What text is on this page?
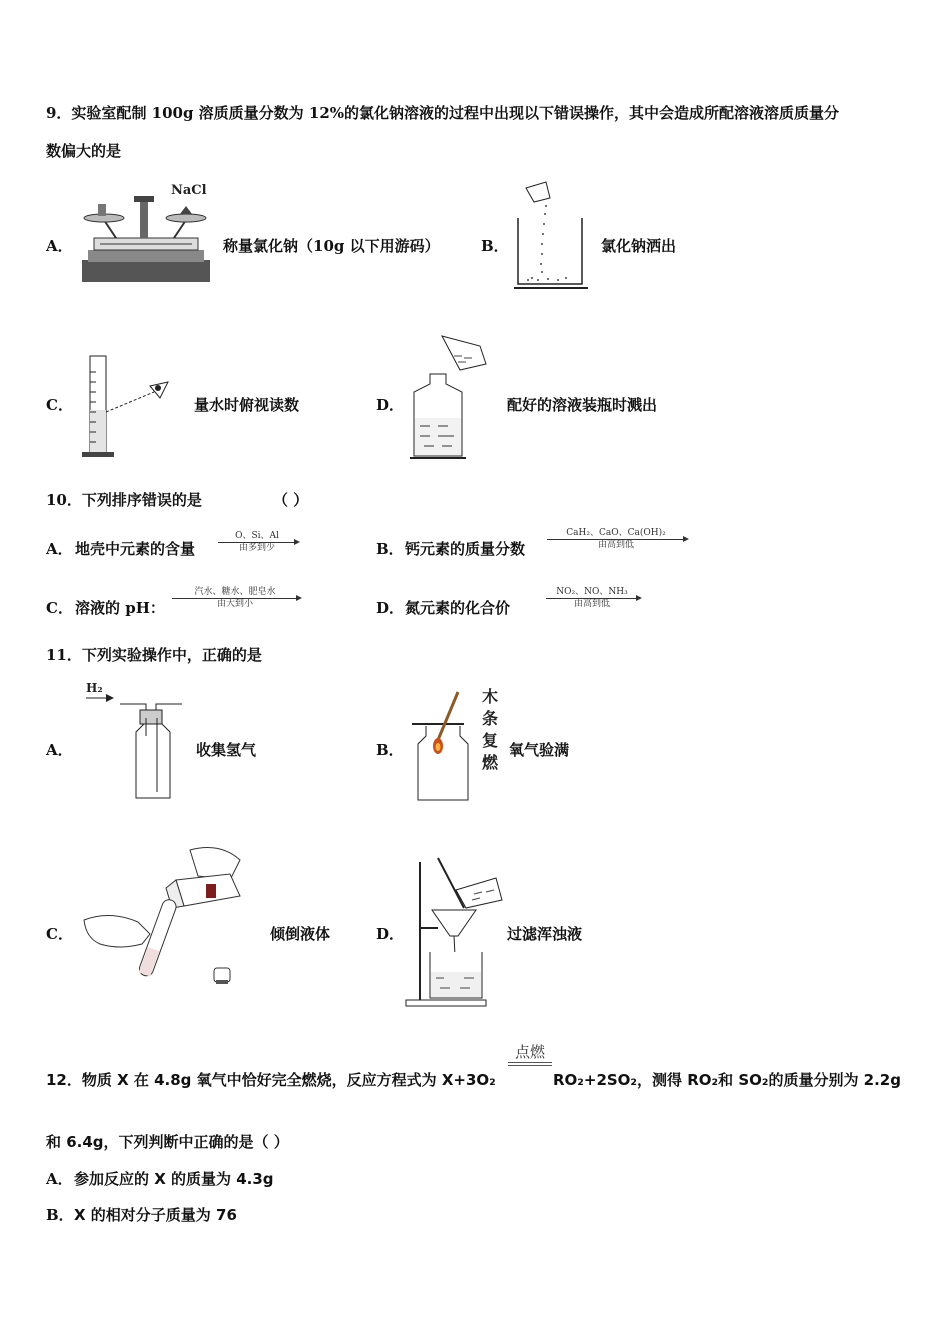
9．实验室配制 100g 溶质质量分数为 12%的氯化钠溶液的过程中出现以下错误操作，其中会造成所配溶液溶质质量分
数偏大的是
A．
NaCl
称量氯化钠（10g 以下用游码）	B．	氯化钠洒出
C．	量水时俯视读数	D．	配好的溶液装瓶时溅出
10．下列排序错误的是	（ ）
A． 地壳中元素的含量
O、Si、Al
由多到少	B． 钙元素的质量分数
CaH₂、CaO、Ca(OH)₂
由高到低
C． 溶液的 pH：
汽水、糖水、肥皂水
由大到小	D． 氮元素的化合价
NO₂、NO、NH₃
由高到低
11．下列实验操作中，正确的是
A．
H₂
收集氢气	B．
木
条
复
燃
氧气验满
C．	倾倒液体	D．	过滤浑浊液
12．物质 X 在 4.8g 氧气中恰好完全燃烧，反应方程式为 X+3O₂
点燃
RO₂+2SO₂，测得 RO₂和 SO₂的质量分别为 2.2g
和 6.4g，下列判断中正确的是（ ）
A． 参加反应的 X 的质量为 4.3g
B． X 的相对分子质量为 76
